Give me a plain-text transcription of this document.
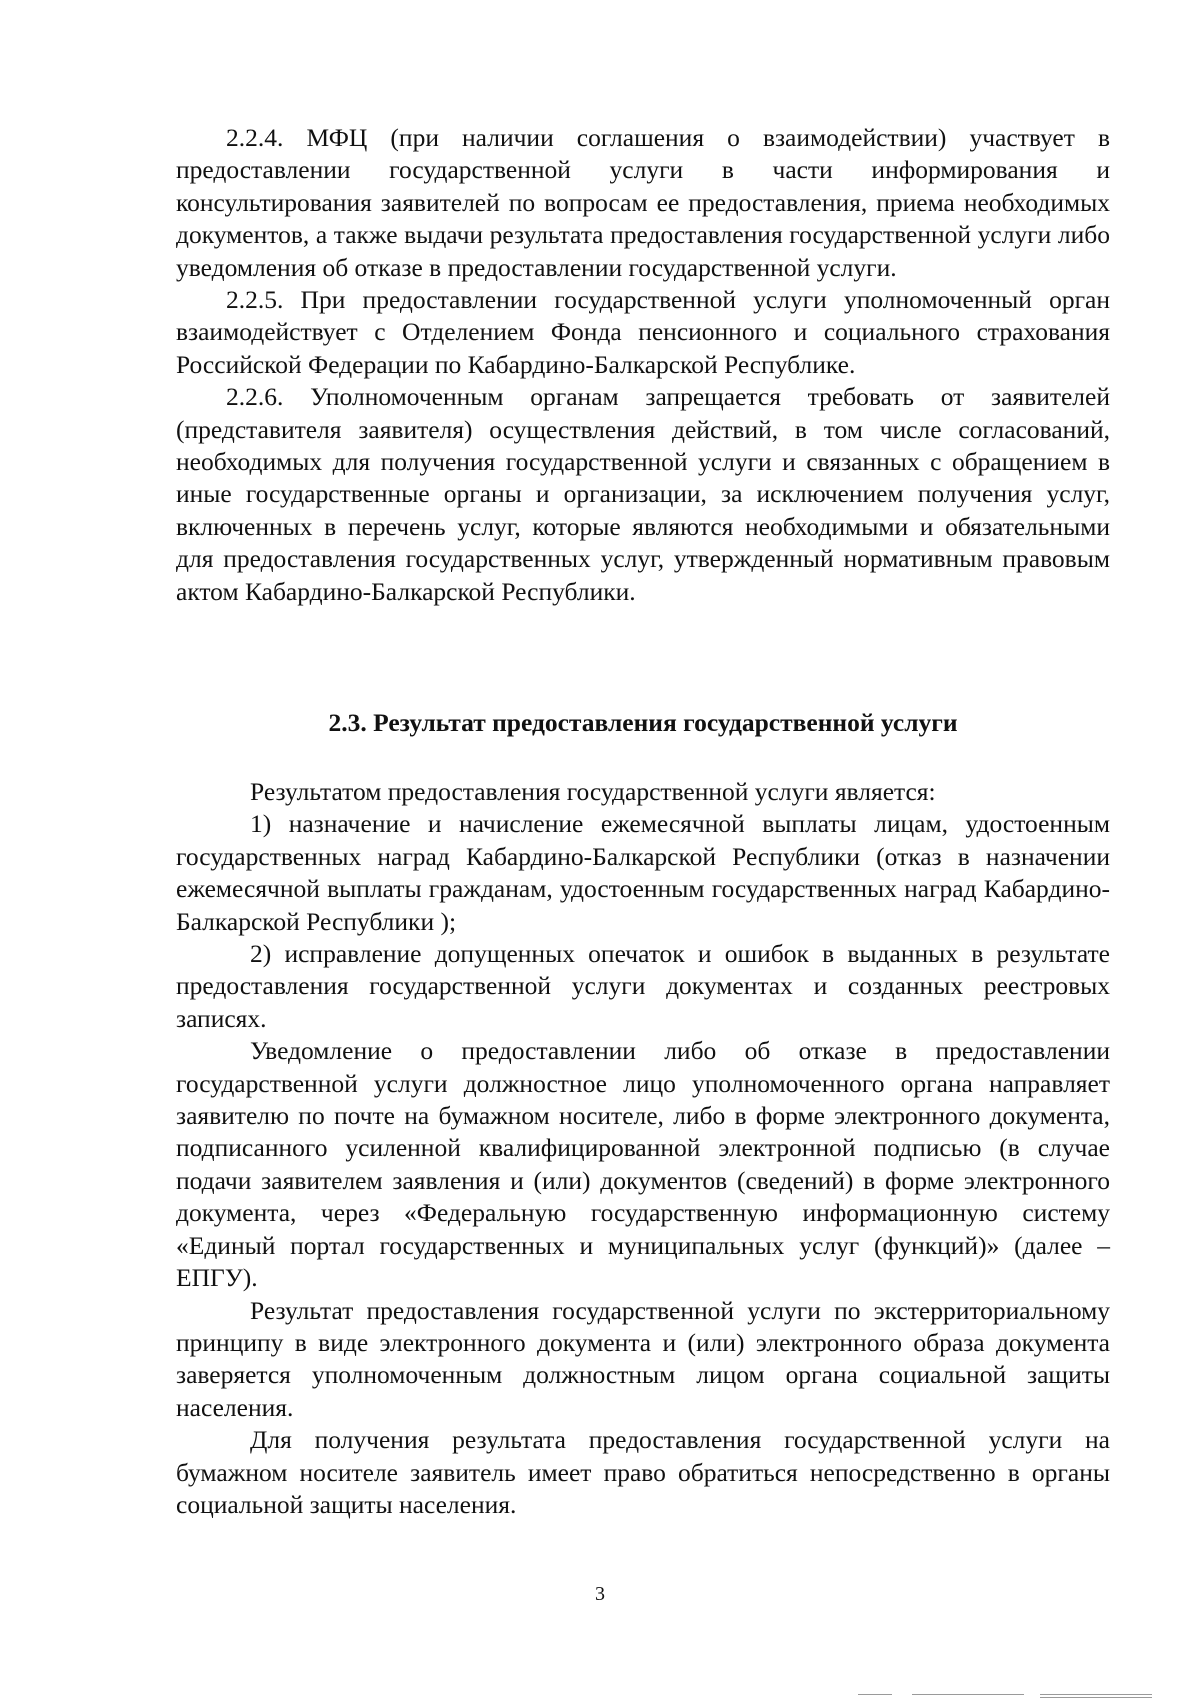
2.2.4. МФЦ (при наличии соглашения о взаимодействии) участвует в предоставлении государственной услуги в части информирования и консультирования заявителей по вопросам ее предоставления, приема необходимых документов, а также выдачи результата предоставления государственной услуги либо уведомления об отказе в предоставлении государственной услуги.

2.2.5. При предоставлении государственной услуги уполномоченный орган взаимодействует с Отделением Фонда пенсионного и социального страхования Российской Федерации по Кабардино-Балкарской Республике.

2.2.6. Уполномоченным органам запрещается требовать от заявителей (представителя заявителя) осуществления действий, в том числе согласований, необходимых для получения государственной услуги и связанных с обращением в иные государственные органы и организации, за исключением получения услуг, включенных в перечень услуг, которые являются необходимыми и обязательными для предоставления государственных услуг, утвержденный нормативным правовым актом Кабардино-Балкарской Республики.

2.3. Результат предоставления государственной услуги

Результатом предоставления государственной услуги является:

1) назначение и начисление ежемесячной выплаты лицам, удостоенным государственных наград Кабардино-Балкарской Республики (отказ в назначении ежемесячной выплаты гражданам, удостоенным государственных наград Кабардино-Балкарской Республики );

2) исправление допущенных опечаток и ошибок в выданных в результате предоставления государственной услуги документах и созданных реестровых записях.

Уведомление о предоставлении либо об отказе в предоставлении государственной услуги должностное лицо уполномоченного органа направляет заявителю по почте на бумажном носителе, либо в форме электронного документа, подписанного усиленной квалифицированной электронной подписью (в случае подачи заявителем заявления и (или) документов (сведений) в форме электронного документа, через «Федеральную государственную информационную систему «Единый портал государственных и муниципальных услуг (функций)» (далее – ЕПГУ).

Результат предоставления государственной услуги по экстерриториальному принципу в виде электронного документа и (или) электронного образа документа заверяется уполномоченным должностным лицом органа социальной защиты населения.

Для получения результата предоставления государственной услуги на бумажном носителе заявитель имеет право обратиться непосредственно в органы социальной защиты населения.

3
